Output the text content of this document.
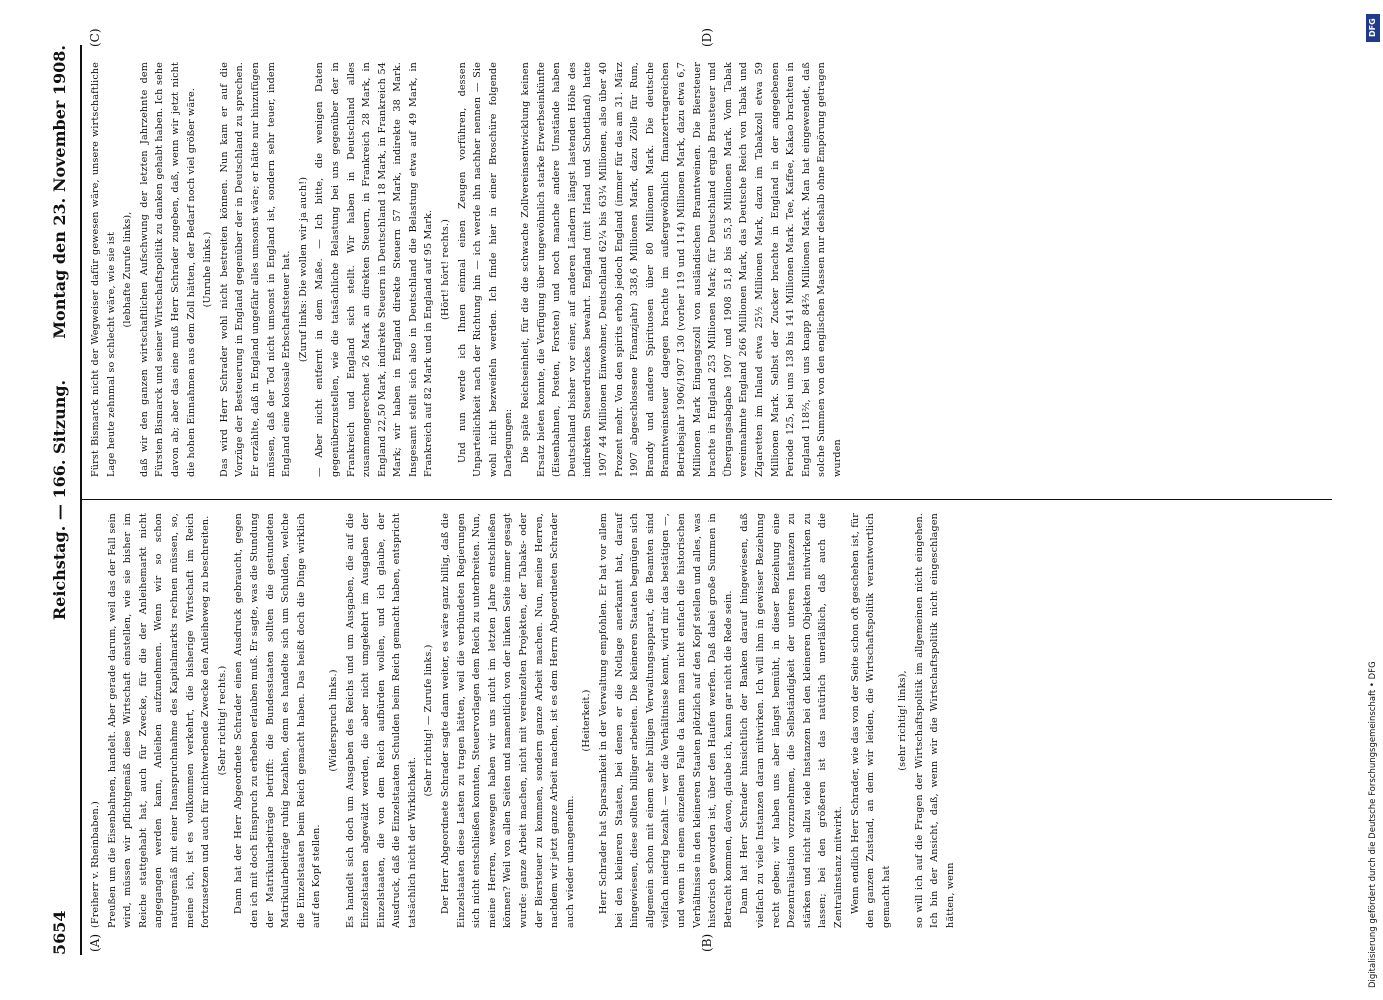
5654
Reichstag. — 166. Sitzung.
Montag den 23. November 1908.
(A)	(B)
(C)	(D)

(Freiherr v. Rheinbaben.) Preußen um die Eisenbahnen, handelt. Aber gerade darum, weil das der Fall sein wird, müssen wir pflichtgemäß diese Wirtschaft einstellen, wie sie bisher im Reiche stattgehabt hat, auch für Zwecke, für die der Anleihemarkt nicht angegangen werden kann, Anleihen aufzunehmen. Wenn wir so schon naturgemäß mit einer Inanspruchnahme des Kapitalmarkts rechnen müssen, so, meine ich, ist es vollkommen verkehrt, die bisherige Wirtschaft im Reich fortzusetzen und auch für nichtwerbende Zwecke den Anleiheweg zu beschreiten. (Sehr richtig! rechts.) Dann hat der Herr Abgeordnete Schrader einen Ausdruck gebraucht, gegen den ich mit doch Einspruch zu erheben erlauben muß. Er sagte, was die Stundung der Matrikularbeiträge betrifft: die Bundesstaaten sollten die gestundeten Matrikularbeiträge ruhig bezahlen, denn es handelte sich um Schulden, welche die Einzelstaaten beim Reich gemacht haben. Das heißt doch die Dinge wirklich auf den Kopf stellen.

(Widerspruch links.) Es handelt sich doch um Ausgaben des Reichs und um Ausgaben, die auf die Einzelstaaten abgewälzt werden, die aber nicht umgekehrt im Ausgaben der Einzelstaaten, die von dem Reich aufbürden wollen, und ich glaube, der Ausdruck, daß die Einzelstaaten Schulden beim Reich gemacht haben, entspricht tatsächlich nicht der Wirklichkeit.

(Sehr richtig! — Zurufe links.) Der Herr Abgeordnete Schrader sagte dann weiter, es wäre ganz billig, daß die Einzelstaaten diese Lasten zu tragen hätten, weil die verbündeten Regierungen sich nicht entschließen konnten, Steuervorlagen dem Reich zu unterbreiten. Nun, meine Herren, weswegen haben wir uns nicht im letzten Jahre entschließen können? Weil von allen Seiten und namentlich von der linken Seite immer gesagt wurde: ganze Arbeit machen, nicht mit vereinzelten Projekten, der Tabaks- oder der Biersteuer zu kommen, sondern ganze Arbeit machen. Nun, meine Herren, nachdem wir jetzt ganze Arbeit machen, ist es dem Herrn Abgeordneten Schrader auch wieder unangenehm.

(Heiterkeit.) Herr Schrader hat Sparsamkeit in der Verwaltung empfohlen. Er hat vor allem bei den kleineren Staaten, bei denen er die Notlage anerkannt hat, darauf hingewiesen, diese sollten billiger arbeiten. Die kleineren Staaten begnügen sich allgemein schon mit einem sehr billigen Verwaltungsapparat, die Beamten sind vielfach niedrig bezahlt — wer die Verhältnisse kennt, wird mir das bestätigen —, und wenn in einem einzelnen Falle da kann man nicht einfach die historischen Verhältnisse in den kleineren Staaten plötzlich auf den Kopf stellen und alles, was historisch geworden ist, über den Haufen werfen. Daß dabei große Summen in Betracht kommen, davon, glaube ich, kann gar nicht die Rede sein. Dann hat Herr Schrader hinsichtlich der Banken darauf hingewiesen, daß vielfach zu viele Instanzen daran mitwirken. Ich will ihm in gewisser Beziehung recht geben; wir haben uns aber längst bemüht, in dieser Beziehung eine Dezentralisation vorzunehmen, die Selbständigkeit der unteren Instanzen zu stärken und nicht allzu viele Instanzen bei den kleineren Objekten mitwirken zu lassen; bei den größeren ist das natürlich unerläßlich, daß auch die Zentralinstanz mitwirkt. Wenn endlich Herr Schrader, wie das von der Seite schon oft geschehen ist, für den ganzen Zustand, an dem wir leiden, die Wirtschaftspolitik verantwortlich gemacht hat

(sehr richtig! links), so will ich auf die Fragen der Wirtschaftspolitik im allgemeinen nicht eingehen. Ich bin der Ansicht, daß, wenn wir die Wirtschaftspolitik nicht eingeschlagen hätten, wenn

Fürst Bismarck nicht der Wegweiser dafür gewesen wäre, unsere wirtschaftliche Lage heute zehnmal so schlecht wäre, wie sie ist (lebhafte Zurufe links), daß wir den ganzen wirtschaftlichen Aufschwung der letzten Jahrzehnte dem Fürsten Bismarck und seiner Wirtschaftspolitik zu danken gehabt haben. Ich sehe davon ab; aber das eine muß Herr Schrader zugeben, daß, wenn wir jetzt nicht die hohen Einnahmen aus dem Zoll hätten, der Bedarf noch viel größer wäre. (Unruhe links.) Das wird Herr Schrader wohl nicht bestreiten können. Nun kam er auf die Vorzüge der Besteuerung in England gegenüber der in Deutschland zu sprechen. Er erzählte, daß in England ungefähr alles umsonst wäre; er hätte nur hinzufügen müssen, daß der Tod nicht umsonst in England ist, sondern sehr teuer, indem England eine kolossale Erbschaftssteuer hat. (Zuruf links: Die wollen wir ja auch!) — Aber nicht entfernt in dem Maße. — Ich bitte, die wenigen Daten gegenüberzustellen, wie die tatsächliche Belastung bei uns gegenüber der in Frankreich und England sich stellt. Wir haben in Deutschland alles zusammengerechnet 26 Mark an direkten Steuern, in Frankreich 28 Mark, in England 22,50 Mark, indirekte Steuern in Deutschland 18 Mark, in Frankreich 54 Mark; wir haben in England direkte Steuern 57 Mark, indirekte 38 Mark. Insgesamt stellt sich also in Deutschland die Belastung etwa auf 49 Mark, in Frankreich auf 82 Mark und in England auf 95 Mark. (Hört! hört! rechts.) Und nun werde ich Ihnen einmal einen Zeugen vorführen, dessen Unparteilichkeit nach der Richtung hin — ich werde ihn nachher nennen — Sie wohl nicht bezweifeln werden. Ich finde hier in einer Broschüre folgende Darlegungen: Die späte Reichseinheit, für die die schwache Zollvereinsentwicklung keinen Ersatz bieten konnte, die Verfügung über ungewöhnlich starke Erwerbseinkünfte (Eisenbahnen, Posten, Forsten) und noch manche andere Umstände haben Deutschland bisher vor einer, auf anderen Ländern längst lastenden Höhe des indirekten Steuerdruckes bewahrt. England (mit Irland und Schottland) hatte 1907 44 Millionen Einwohner, Deutschland 62¼ bis 63¼ Millionen, also über 40 Prozent mehr. Von den spirits erhob jedoch England (immer für das am 31. März 1907 abgeschlossene Finanzjahr) 338,6 Millionen Mark, dazu Zölle für Rum, Brandy und andere Spirituosen über 80 Millionen Mark. Die deutsche Branntweinsteuer dagegen brachte im außergewöhnlich finanzertragreichen Betriebsjahr 1906/1907 130 (vorher 119 und 114) Millionen Mark, dazu etwa 6,7 Millionen Mark Eingangszoll von ausländischen Branntweinen. Die Biersteuer brachte in England 253 Millionen Mark; für Deutschland ergab Brausteuer und Übergangsabgabe 1907 und 1908 51,8 bis 55,3 Millionen Mark. Vom Tabak vereinnahmte England 266 Millionen Mark, das Deutsche Reich von Tabak und Zigaretten im Inland etwa 25½ Millionen Mark, dazu im Tabakzoll etwa 59 Millionen Mark. Selbst der Zucker brachte in England in der angegebenen Periode 125, bei uns 138 bis 141 Millionen Mark. Tee, Kaffee, Kakao brachten in England 118⅔, bei uns knapp 84⅔ Millionen Mark. Man hat eingewendet, daß solche Summen von den englischen Massen nur deshalb ohne Empörung getragen wurden

DFG
Digitalisierung gefördert durch die Deutsche Forschungsgemeinschaft • DFG
